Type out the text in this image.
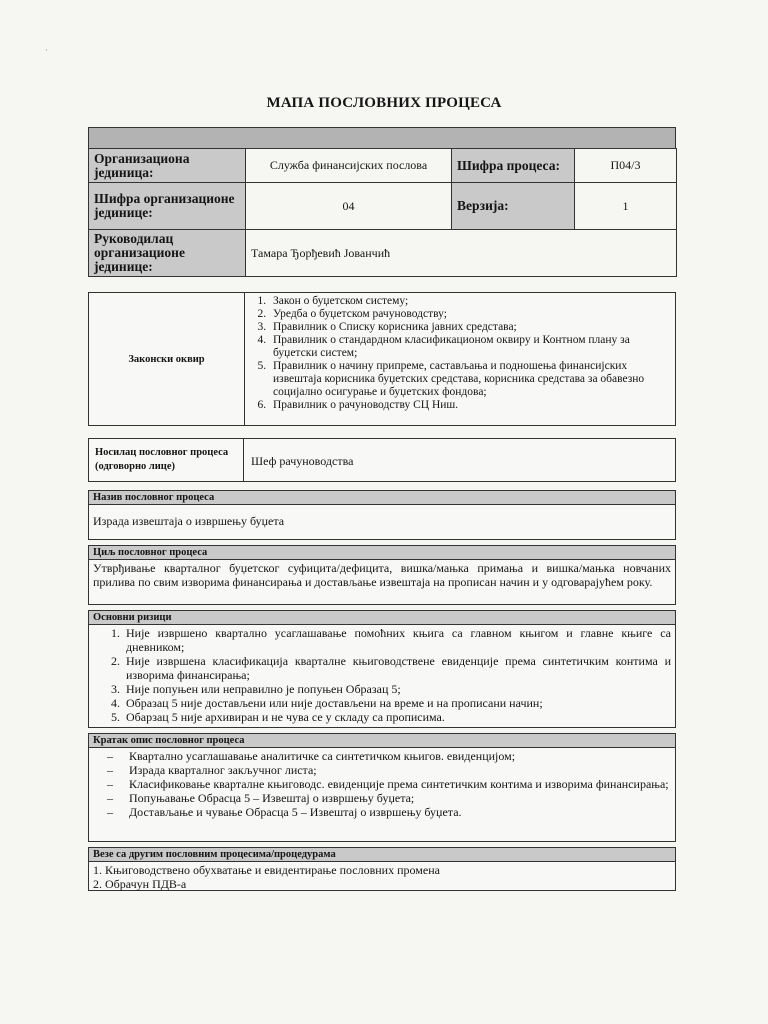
·
МАПА ПОСЛОВНИХ ПРОЦЕСА
Организациона јединица:	Служба финансијских послова	Шифра процеса:	П04/3
Шифра организационе јединице:	04	Верзија:	1
Руководилац организационе јединице:	Тамара Ђорђевић Јованчић		
Законски оквир
1. Закон о буџетском систему;
2. Уредба о буџетском рачуноводству;
3. Правилник о Списку корисника јавних средстава;
4. Правилник о стандардном класификационом оквиру и Контном плану за буџетски систем;
5. Правилник о начину припреме, састављања и подношења финансијских извештаја корисника буџетских средстава, корисника средстава за обавезно социјално осигурање и буџетских фондова;
6. Правилник о рачуноводству СЦ Ниш.
Носилац пословног процеса (одговорно лице)	Шеф рачуноводства
Назив пословног процеса
Израда извештаја о извршењу буџета
Циљ пословног процеса
Утврђивање кварталног буџетског суфицита/дефицита, вишка/мањка примања и вишка/мањка новчаних прилива по свим изворима финансирања и достављање извештаја на прописан начин и у одговарајућем року.
Основни ризици
1. Није извршено квартално усаглашавање помоћних књига са главном књигом и главне књиге са дневником;
2. Није извршена класификација кварталне књиговодствене евиденције према синтетичким контима и изворима финансирања;
3. Није попуњен или неправилно је попуњен Образац 5;
4. Образац 5 није достављени или није достављени на време и на прописани начин;
5. Обарзац 5 није архивиран и не чува се у складу са прописима.
Кратак опис пословног процеса
– Квартално усаглашавање аналитичке са синтетичком књигов. евиденцијом;
– Израда кварталног закључног листа;
– Класификовање кварталне књиговодс. евиденције према синтетичким контима и изворима финансирања;
– Попуњавање Обрасца 5 – Извештај о извршењу буџета;
– Достављање и чување Обрасца 5 – Извештај о извршењу буџета.
Везе са другим пословним процесима/процедурама
1. Књиговодствено обухватање и евидентирање пословних промена
2. Обрачун ПДВ-а
